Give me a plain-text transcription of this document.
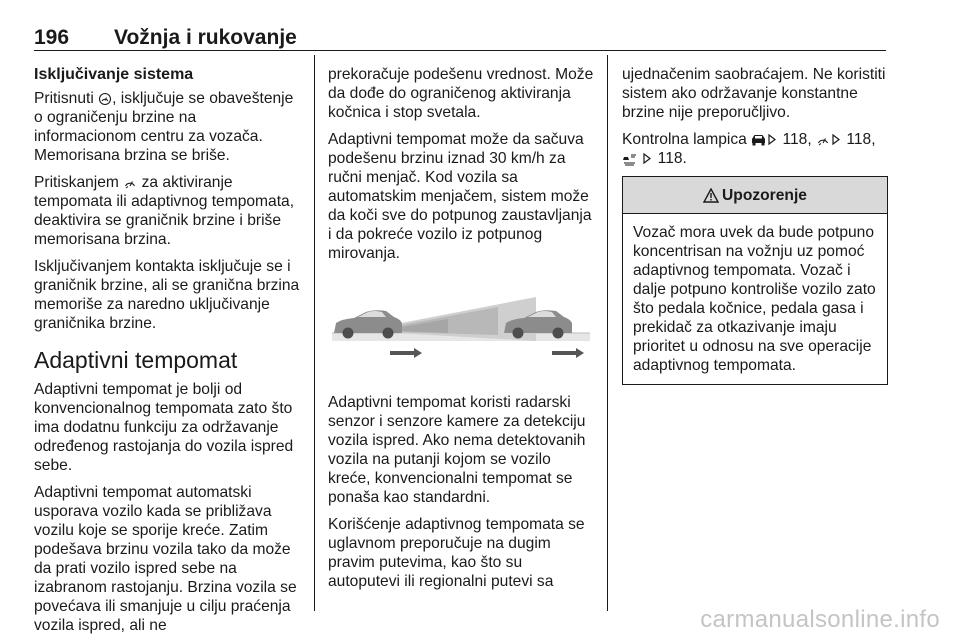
196 Vožnja i rukovanje
Isključivanje sistema

Pritisnuti , isključuje se obaveštenje o ograničenju brzine na informacionom centru za vozača. Memorisana brzina se briše.

Pritiskanjem  za aktiviranje tempomata ili adaptivnog tempomata, deaktivira se graničnik brzine i briše memorisana brzina.

Isključivanjem kontakta isključuje se i graničnik brzine, ali se granična brzina memoriše za naredno uključivanje graničnika brzine.

Adaptivni tempomat

Adaptivni tempomat je bolji od konvencionalnog tempomata zato što ima dodatnu funkciju za održavanje određenog rastojanja do vozila ispred sebe.

Adaptivni tempomat automatski usporava vozilo kada se približava vozilu koje se sporije kreće. Zatim podešava brzinu vozila tako da može da prati vozilo ispred sebe na izabranom rastojanju. Brzina vozila se povećava ili smanjuje u cilju praćenja vozila ispred, ali ne

prekoračuje podešenu vrednost. Može da dođe do ograničenog aktiviranja kočnica i stop svetala.

Adaptivni tempomat može da sačuva podešenu brzinu iznad 30 km/h za ručni menjač. Kod vozila sa automatskim menjačem, sistem može da koči sve do potpunog zaustavljanja i da pokreće vozilo iz potpunog mirovanja.

Adaptivni tempomat koristi radarski senzor i senzore kamere za detekciju vozila ispred. Ako nema detektovanih vozila na putanji kojom se vozilo kreće, konvencionalni tempomat se ponaša kao standardni.

Korišćenje adaptivnog tempomata se uglavnom preporučuje na dugim pravim putevima, kao što su autoputevi ili regionalni putevi sa

ujednačenim saobraćajem. Ne koristiti sistem ako održavanje konstantne brzine nije preporučljivo.

Kontrolna lampica  118,  118,
118.

Upozorenje
Vozač mora uvek da bude potpuno koncentrisan na vožnju uz pomoć adaptivnog tempomata. Vozač i dalje potpuno kontroliše vozilo zato što pedala kočnice, pedala gasa i prekidač za otkazivanje imaju prioritet u odnosu na sve operacije adaptivnog tempomata.
carmanualsonline.info
